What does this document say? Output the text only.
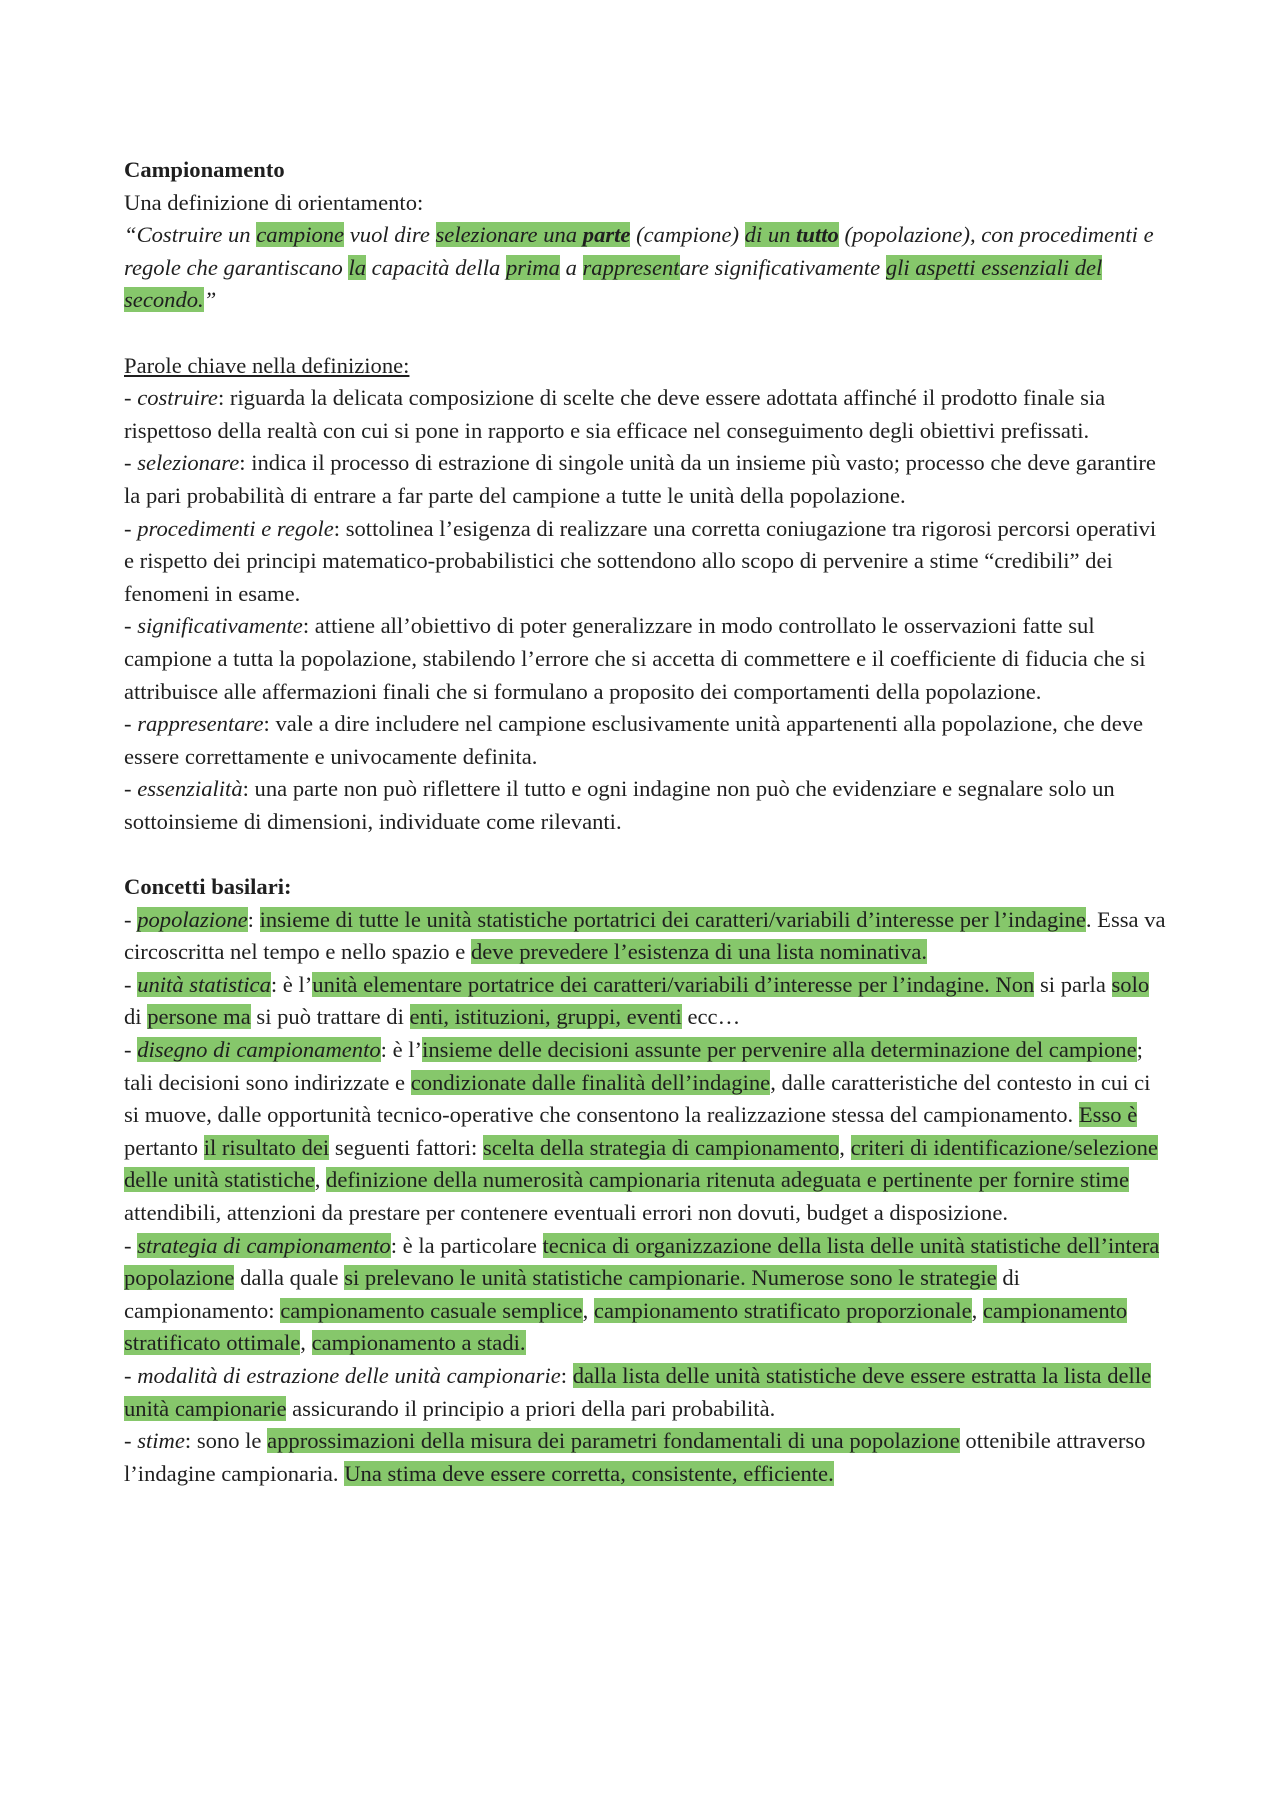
Campionamento
Una definizione di orientamento:

“Costruire un campione vuol dire selezionare una parte (campione) di un tutto (popolazione), con procedimenti e regole che garantiscano la capacità della prima a rappresentare significativamente gli aspetti essenziali del secondo.”

Parole chiave nella definizione:

- costruire: riguarda la delicata composizione di scelte che deve essere adottata affinché il prodotto finale sia rispettoso della realtà con cui si pone in rapporto e sia efficace nel conseguimento degli obiettivi prefissati.

- selezionare: indica il processo di estrazione di singole unità da un insieme più vasto; processo che deve garantire la pari probabilità di entrare a far parte del campione a tutte le unità della popolazione.

- procedimenti e regole: sottolinea l’esigenza di realizzare una corretta coniugazione tra rigorosi percorsi operativi e rispetto dei principi matematico-probabilistici che sottendono allo scopo di pervenire a stime “credibili” dei fenomeni in esame.

- significativamente: attiene all’obiettivo di poter generalizzare in modo controllato le osservazioni fatte sul campione a tutta la popolazione, stabilendo l’errore che si accetta di commettere e il coefficiente di fiducia che si attribuisce alle affermazioni finali che si formulano a proposito dei comportamenti della popolazione.

- rappresentare: vale a dire includere nel campione esclusivamente unità appartenenti alla popolazione, che deve essere correttamente e univocamente definita.

- essenzialità: una parte non può riflettere il tutto e ogni indagine non può che evidenziare e segnalare solo un sottoinsieme di dimensioni, individuate come rilevanti.

Concetti basilari:

- popolazione: insieme di tutte le unità statistiche portatrici dei caratteri/variabili d’interesse per l’indagine. Essa va circoscritta nel tempo e nello spazio e deve prevedere l’esistenza di una lista nominativa.

- unità statistica: è l’unità elementare portatrice dei caratteri/variabili d’interesse per l’indagine. Non si parla solo di persone ma si può trattare di enti, istituzioni, gruppi, eventi ecc…

- disegno di campionamento: è l’insieme delle decisioni assunte per pervenire alla determinazione del campione; tali decisioni sono indirizzate e condizionate dalle finalità dell’indagine, dalle caratteristiche del contesto in cui ci si muove, dalle opportunità tecnico-operative che consentono la realizzazione stessa del campionamento. Esso è pertanto il risultato dei seguenti fattori: scelta della strategia di campionamento, criteri di identificazione/selezione delle unità statistiche, definizione della numerosità campionaria ritenuta adeguata e pertinente per fornire stime attendibili, attenzioni da prestare per contenere eventuali errori non dovuti, budget a disposizione.

- strategia di campionamento: è la particolare tecnica di organizzazione della lista delle unità statistiche dell’intera popolazione dalla quale si prelevano le unità statistiche campionarie. Numerose sono le strategie di campionamento: campionamento casuale semplice, campionamento stratificato proporzionale, campionamento stratificato ottimale, campionamento a stadi.

- modalità di estrazione delle unità campionarie: dalla lista delle unità statistiche deve essere estratta la lista delle unità campionarie assicurando il principio a priori della pari probabilità.

- stime: sono le approssimazioni della misura dei parametri fondamentali di una popolazione ottenibile attraverso l’indagine campionaria. Una stima deve essere corretta, consistente, efficiente.
